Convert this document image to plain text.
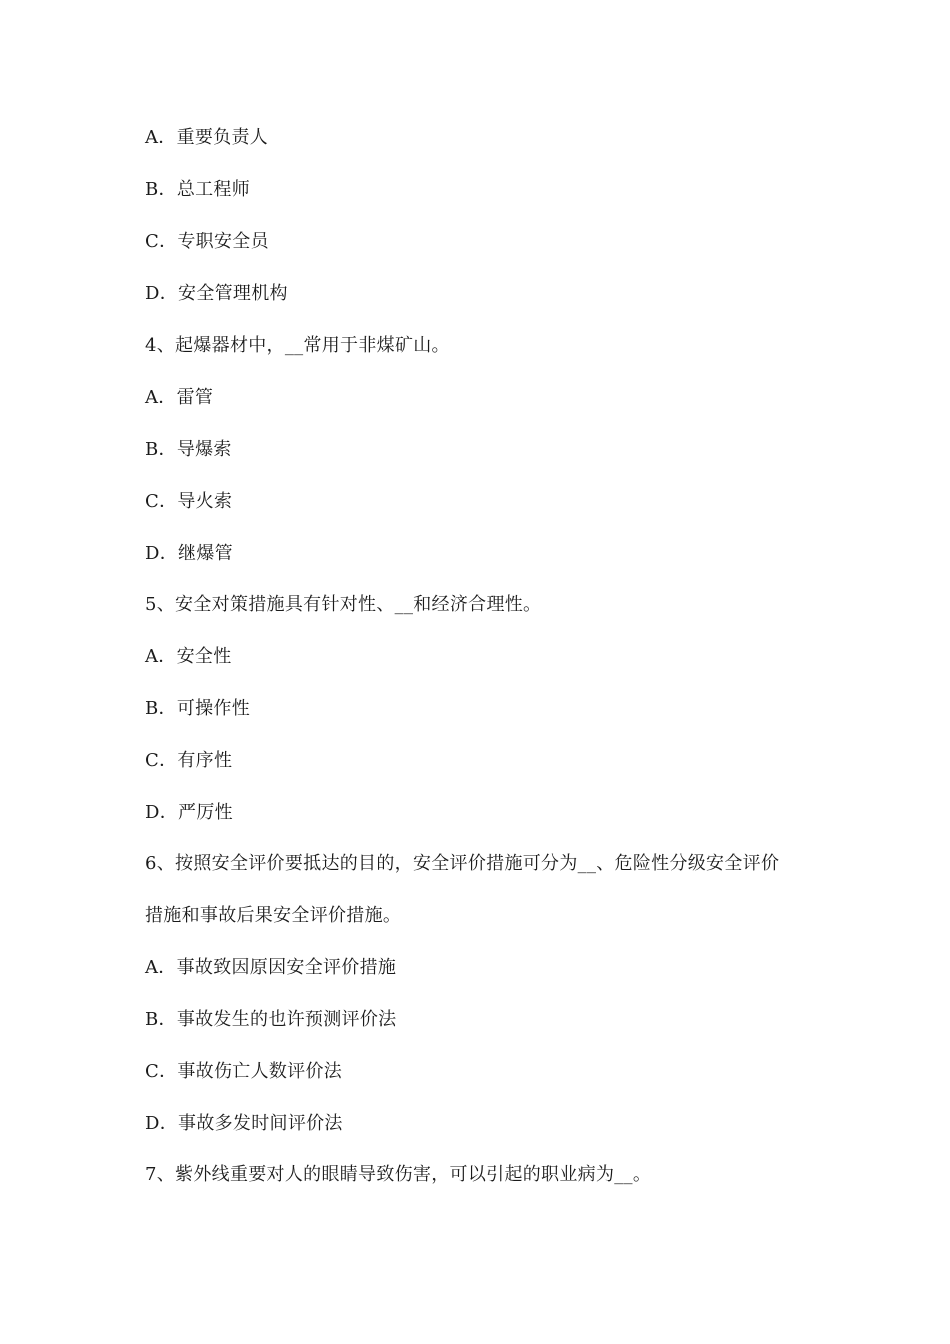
A．重要负责人
B．总工程师
C．专职安全员
D．安全管理机构
4、起爆器材中，__常用于非煤矿山。
A．雷管
B．导爆索
C．导火索
D．继爆管
5、安全对策措施具有针对性、__和经济合理性。
A．安全性
B．可操作性
C．有序性
D．严厉性
6、按照安全评价要抵达的目的，安全评价措施可分为__、危险性分级安全评价
措施和事故后果安全评价措施。
A．事故致因原因安全评价措施
B．事故发生的也许预测评价法
C．事故伤亡人数评价法
D．事故多发时间评价法
7、紫外线重要对人的眼睛导致伤害，可以引起的职业病为__。
